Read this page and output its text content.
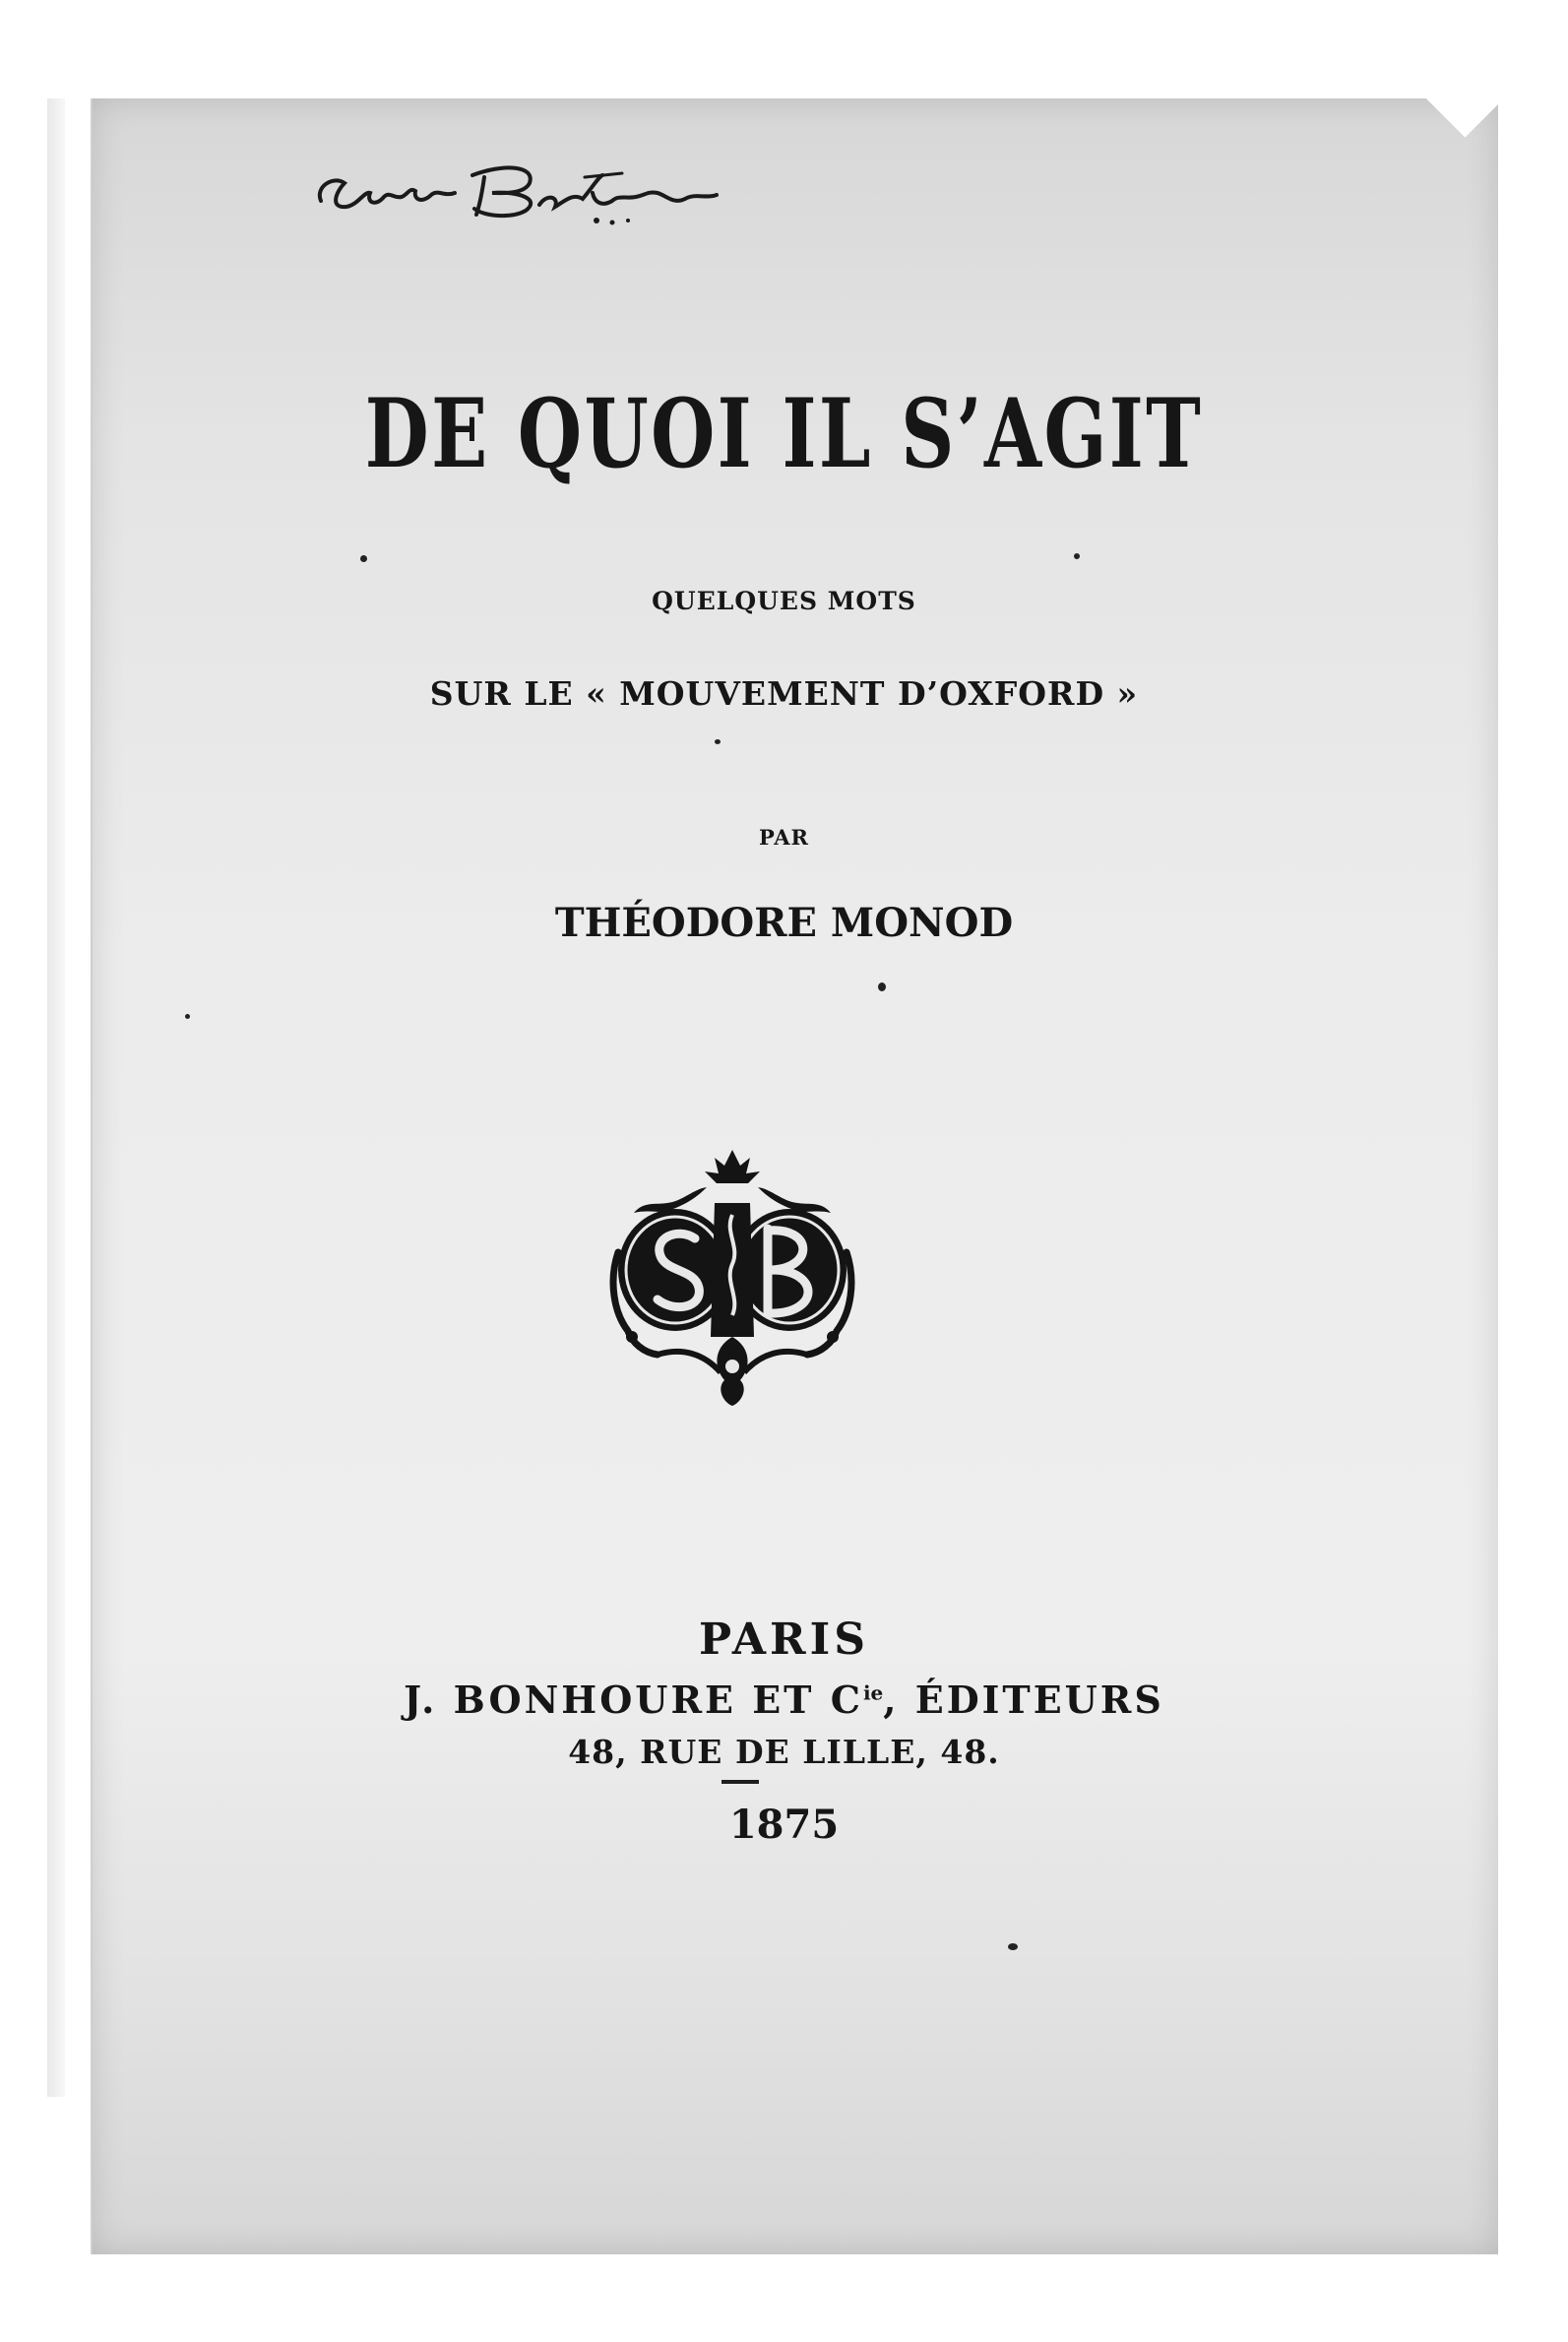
DE QUOI IL S’AGIT
QUELQUES MOTS
SUR LE « MOUVEMENT D’OXFORD »
PAR
THÉODORE MONOD
PARIS
J. BONHOURE ET $C^{ie}$, ÉDITEURS
48, RUE DE LILLE, 48.
1875
